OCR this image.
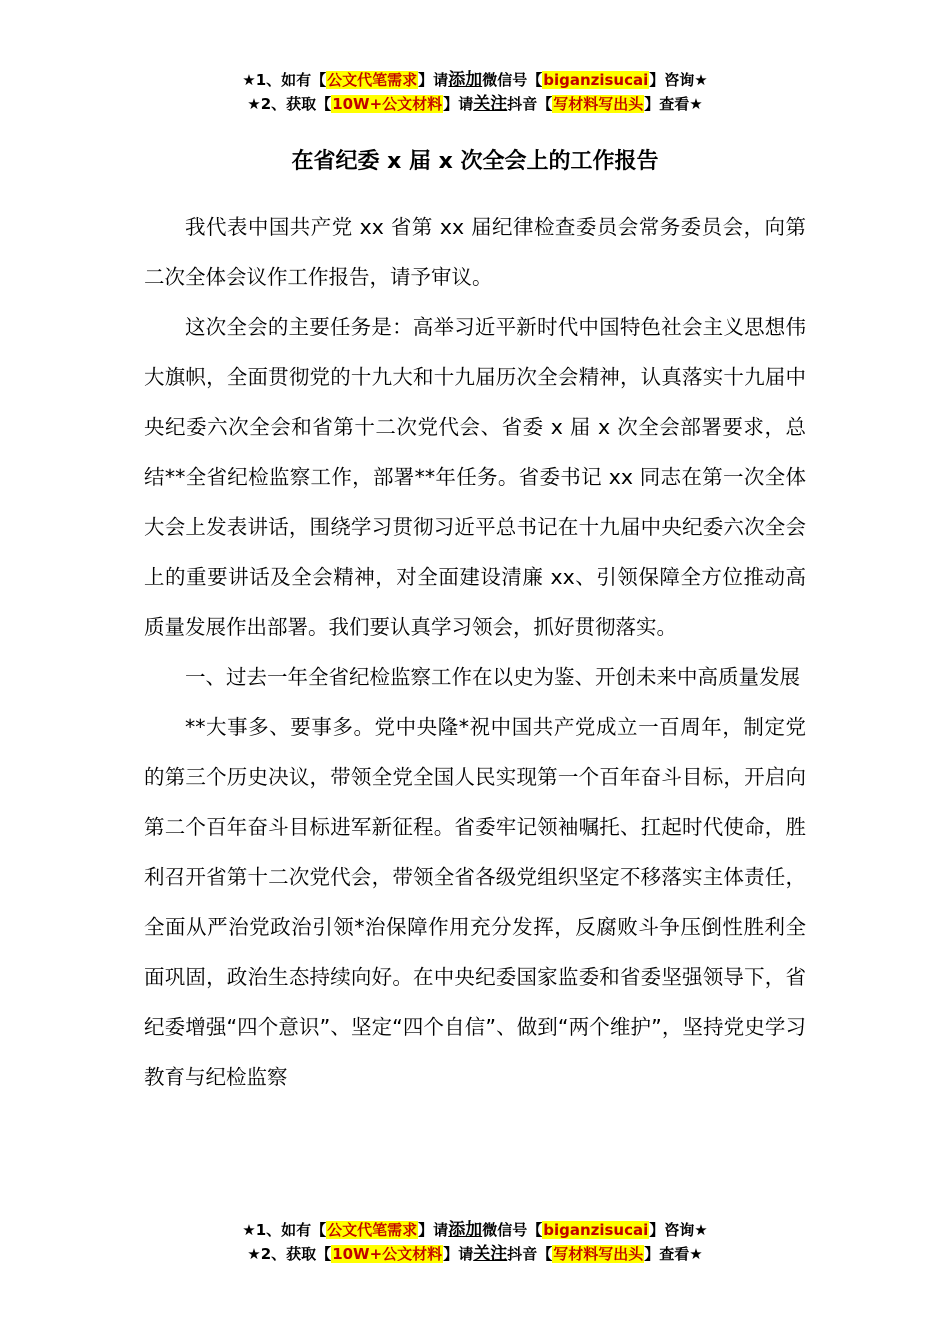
★1、如有【公文代笔需求】请添加微信号【biganzisucai】咨询★
★2、获取【10W+公文材料】请关注抖音【写材料写出头】查看★
在省纪委 x 届 x 次全会上的工作报告

我代表中国共产党 xx 省第 xx 届纪律检查委员会常务委员会，向第二次全体会议作工作报告，请予审议。

这次全会的主要任务是：高举习近平新时代中国特色社会主义思想伟大旗帜，全面贯彻党的十九大和十九届历次全会精神，认真落实十九届中央纪委六次全会和省第十二次党代会、省委 x 届 x 次全会部署要求，总结**全省纪检监察工作，部署**年任务。省委书记 xx 同志在第一次全体大会上发表讲话，围绕学习贯彻习近平总书记在十九届中央纪委六次全会上的重要讲话及全会精神，对全面建设清廉 xx、引领保障全方位推动高质量发展作出部署。我们要认真学习领会，抓好贯彻落实。

一、过去一年全省纪检监察工作在以史为鉴、开创未来中高质量发展

**大事多、要事多。党中央隆*祝中国共产党成立一百周年，制定党的第三个历史决议，带领全党全国人民实现第一个百年奋斗目标，开启向第二个百年奋斗目标进军新征程。省委牢记领袖嘱托、扛起时代使命，胜利召开省第十二次党代会，带领全省各级党组织坚定不移落实主体责任，全面从严治党政治引领*治保障作用充分发挥，反腐败斗争压倒性胜利全面巩固，政治生态持续向好。在中央纪委国家监委和省委坚强领导下，省纪委增强“四个意识”、坚定“四个自信”、做到“两个维护”，坚持党史学习教育与纪检监察

★1、如有【公文代笔需求】请添加微信号【biganzisucai】咨询★
★2、获取【10W+公文材料】请关注抖音【写材料写出头】查看★
